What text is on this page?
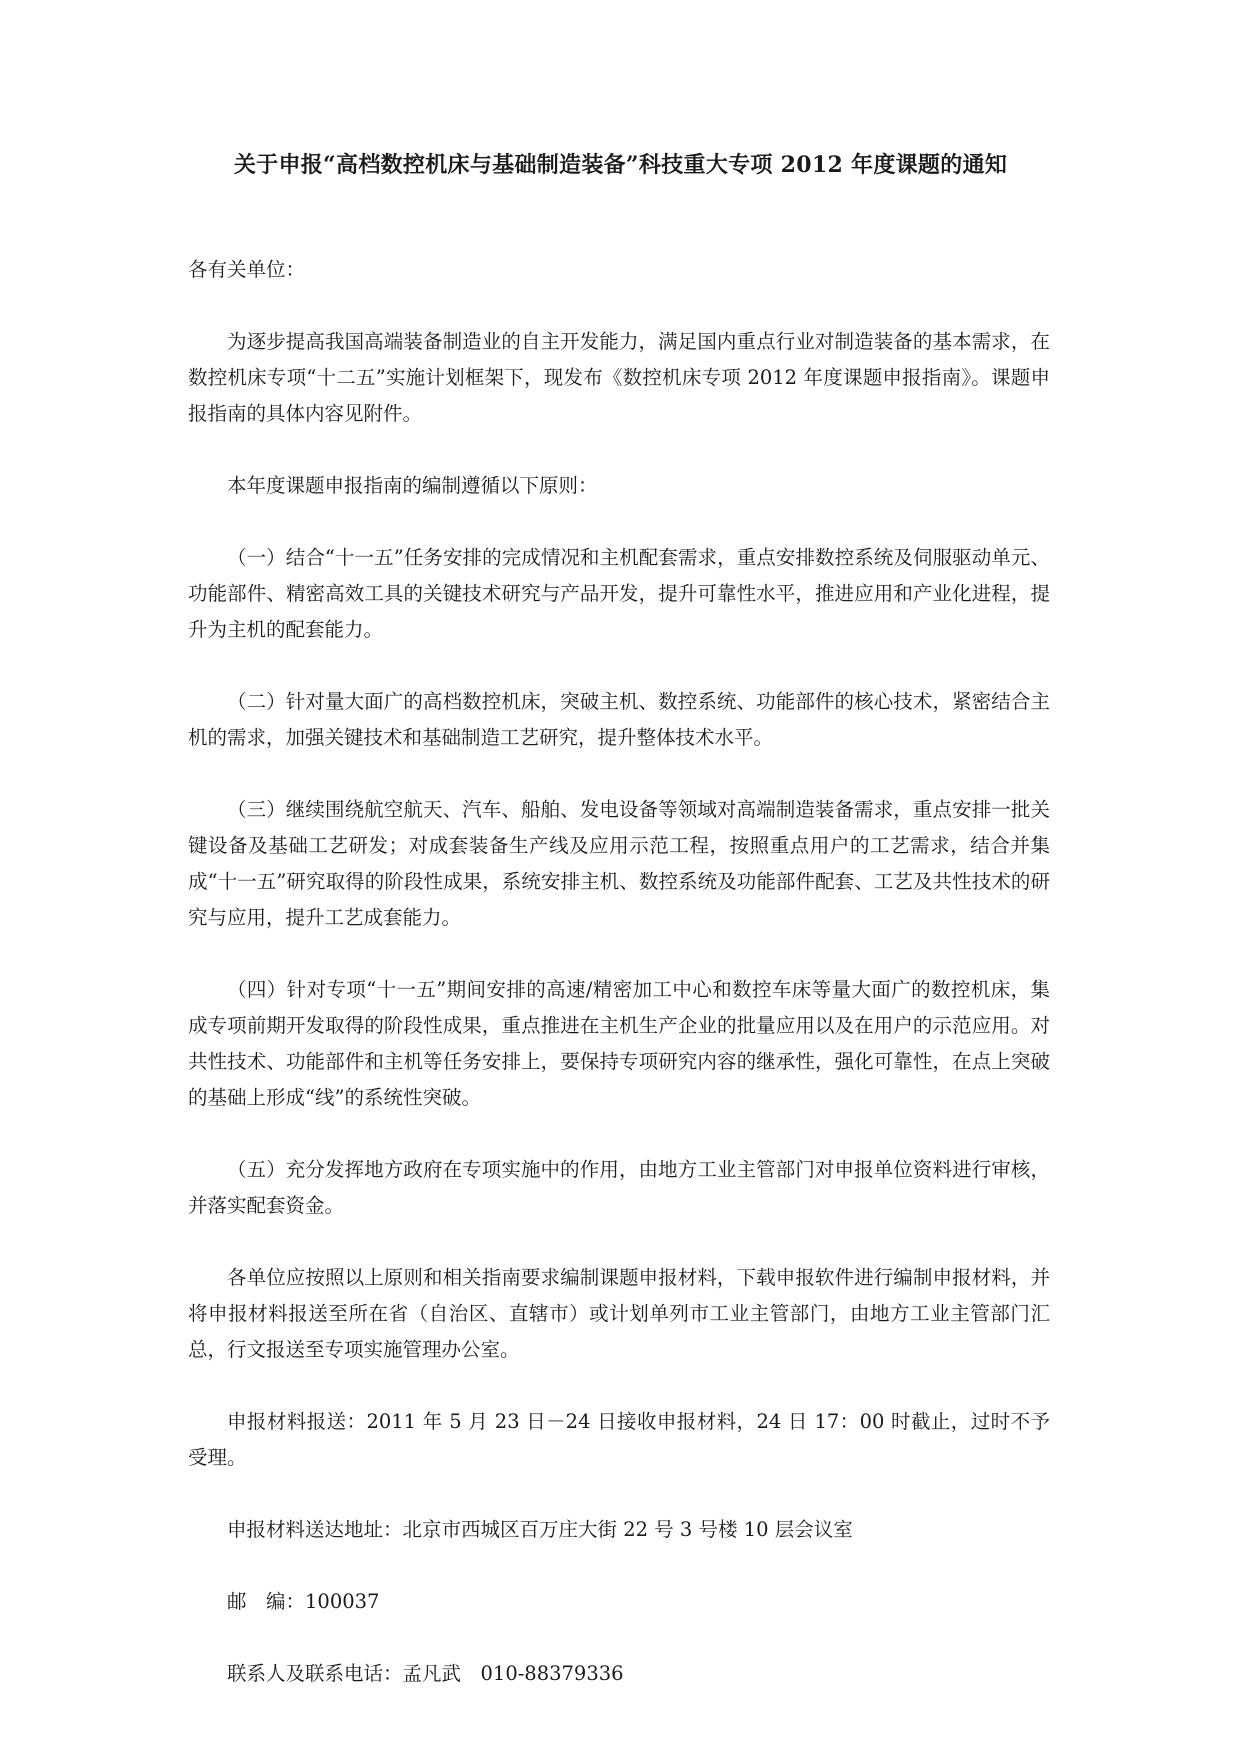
关于申报“高档数控机床与基础制造装备”科技重大专项 2012 年度课题的通知

各有关单位：

为逐步提高我国高端装备制造业的自主开发能力，满足国内重点行业对制造装备的基本需求，在数控机床专项“十二五”实施计划框架下，现发布《数控机床专项 2012 年度课题申报指南》。课题申报指南的具体内容见附件。

本年度课题申报指南的编制遵循以下原则：

（一）结合“十一五”任务安排的完成情况和主机配套需求，重点安排数控系统及伺服驱动单元、功能部件、精密高效工具的关键技术研究与产品开发，提升可靠性水平，推进应用和产业化进程，提升为主机的配套能力。

（二）针对量大面广的高档数控机床，突破主机、数控系统、功能部件的核心技术，紧密结合主机的需求，加强关键技术和基础制造工艺研究，提升整体技术水平。

（三）继续围绕航空航天、汽车、船舶、发电设备等领域对高端制造装备需求，重点安排一批关键设备及基础工艺研发；对成套装备生产线及应用示范工程，按照重点用户的工艺需求，结合并集成“十一五”研究取得的阶段性成果，系统安排主机、数控系统及功能部件配套、工艺及共性技术的研究与应用，提升工艺成套能力。

（四）针对专项“十一五”期间安排的高速/精密加工中心和数控车床等量大面广的数控机床，集成专项前期开发取得的阶段性成果，重点推进在主机生产企业的批量应用以及在用户的示范应用。对共性技术、功能部件和主机等任务安排上，要保持专项研究内容的继承性，强化可靠性，在点上突破的基础上形成“线”的系统性突破。

（五）充分发挥地方政府在专项实施中的作用，由地方工业主管部门对申报单位资料进行审核，并落实配套资金。

各单位应按照以上原则和相关指南要求编制课题申报材料，下载申报软件进行编制申报材料，并将申报材料报送至所在省（自治区、直辖市）或计划单列市工业主管部门，由地方工业主管部门汇总，行文报送至专项实施管理办公室。

申报材料报送：2011 年 5 月 23 日－24 日接收申报材料，24 日 17：00 时截止，过时不予受理。

申报材料送达地址：北京市西城区百万庄大街 22 号 3 号楼 10 层会议室

邮　编：100037

联系人及联系电话：孟凡武　010-88379336
